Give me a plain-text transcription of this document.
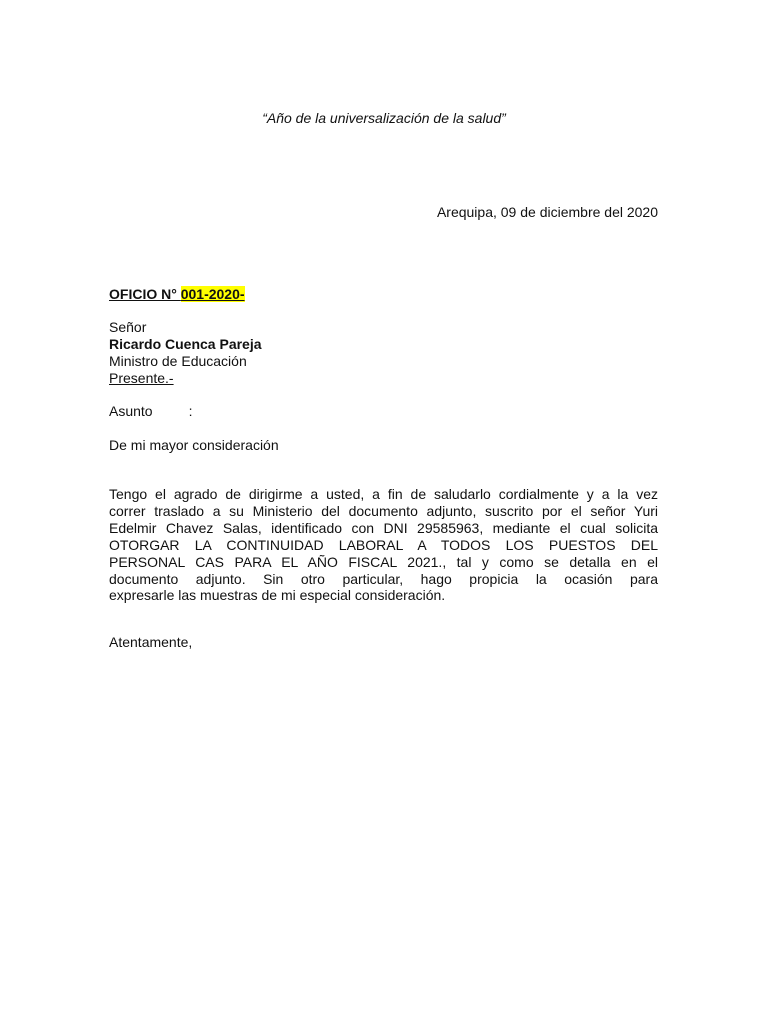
“Año de la universalización de la salud”
Arequipa, 09 de diciembre del 2020
OFICIO N° 001-2020-
Señor
Ricardo Cuenca Pareja
Ministro de Educación
Presente.-
Asunto	:
De mi mayor consideración
Tengo el agrado de dirigirme a usted, a fin de saludarlo cordialmente y a la vez
correr traslado a su Ministerio del documento adjunto, suscrito por el señor Yuri
Edelmir Chavez Salas, identificado con DNI 29585963, mediante el cual solicita
OTORGAR LA CONTINUIDAD LABORAL A TODOS LOS PUESTOS DEL
PERSONAL CAS PARA EL AÑO FISCAL 2021., tal y como se detalla en el
documento adjunto. Sin otro particular, hago propicia la ocasión para
expresarle las muestras de mi especial consideración.
Atentamente,
